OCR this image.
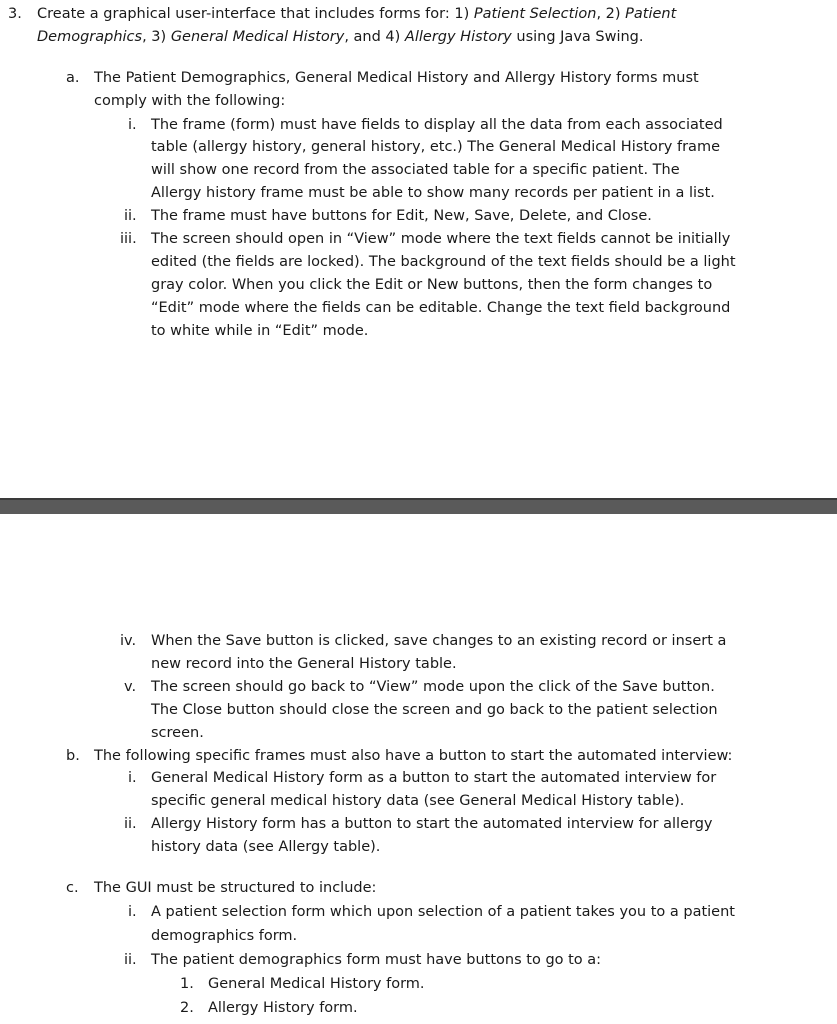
3. Create a graphical user-interface that includes forms for: 1) Patient Selection, 2) Patient
Demographics, 3) General Medical History, and 4) Allergy History using Java Swing.
a. The Patient Demographics, General Medical History and Allergy History forms must
comply with the following:
i. The frame (form) must have fields to display all the data from each associated
table (allergy history, general history, etc.) The General Medical History frame
will show one record from the associated table for a specific patient. The
Allergy history frame must be able to show many records per patient in a list.
ii. The frame must have buttons for Edit, New, Save, Delete, and Close.
iii. The screen should open in “View” mode where the text fields cannot be initially
edited (the fields are locked). The background of the text fields should be a light
gray color. When you click the Edit or New buttons, then the form changes to
“Edit” mode where the fields can be editable. Change the text field background
to white while in “Edit” mode.
iv. When the Save button is clicked, save changes to an existing record or insert a
new record into the General History table.
v. The screen should go back to “View” mode upon the click of the Save button.
The Close button should close the screen and go back to the patient selection
screen.
b. The following specific frames must also have a button to start the automated interview:
i. General Medical History form as a button to start the automated interview for
specific general medical history data (see General Medical History table).
ii. Allergy History form has a button to start the automated interview for allergy
history data (see Allergy table).
c. The GUI must be structured to include:
i. A patient selection form which upon selection of a patient takes you to a patient
demographics form.
ii. The patient demographics form must have buttons to go to a:
1. General Medical History form.
2. Allergy History form.
